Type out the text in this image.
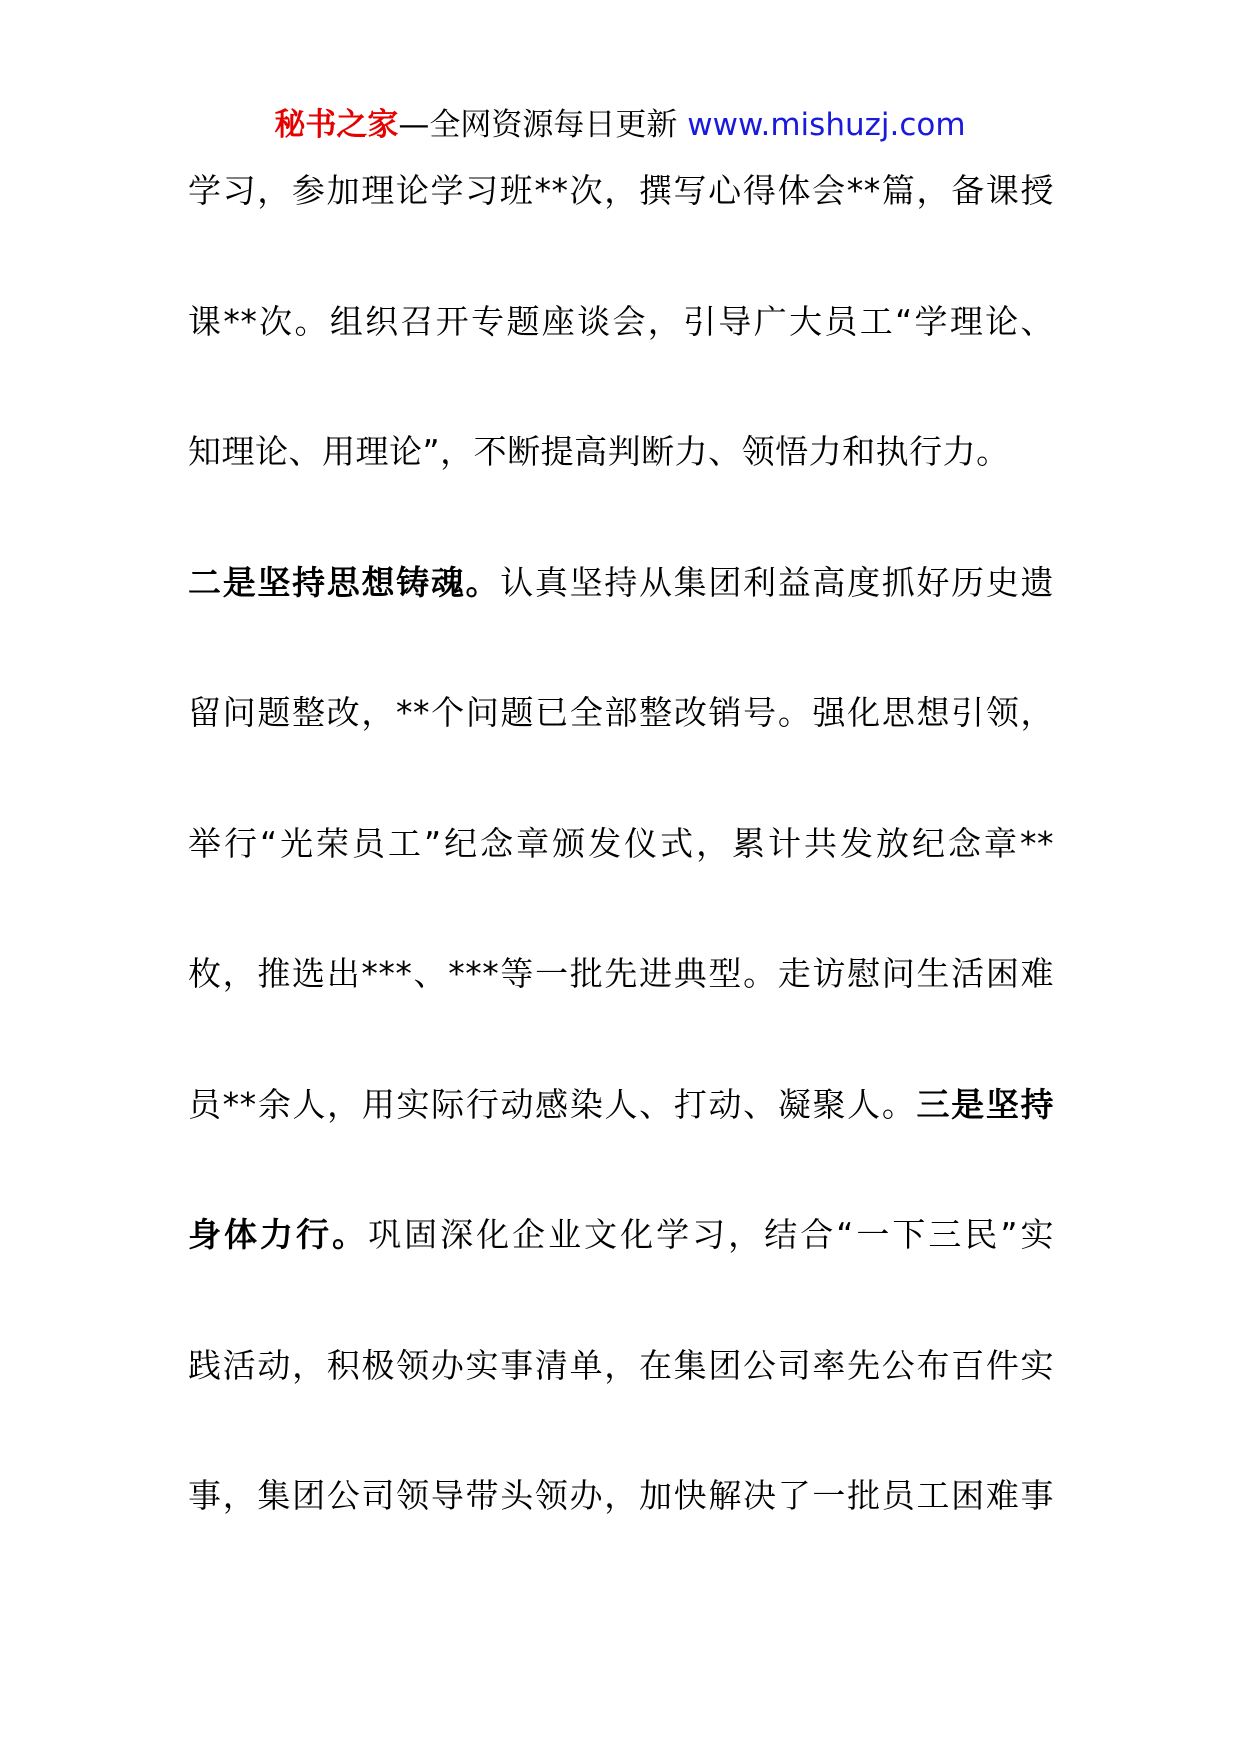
秘书之家—全网资源每日更新 www.mishuzj.com
学习，参加理论学习班**次，撰写心得体会**篇，备课授
课**次。组织召开专题座谈会，引导广大员工“学理论、
知理论、用理论”，不断提高判断力、领悟力和执行力。
二是坚持思想铸魂。认真坚持从集团利益高度抓好历史遗
留问题整改，**个问题已全部整改销号。强化思想引领，
举行“光荣员工”纪念章颁发仪式，累计共发放纪念章**
枚，推选出***、***等一批先进典型。走访慰问生活困难
员**余人，用实际行动感染人、打动、凝聚人。三是坚持
身体力行。巩固深化企业文化学习，结合“一下三民”实
践活动，积极领办实事清单，在集团公司率先公布百件实
事，集团公司领导带头领办，加快解决了一批员工困难事
